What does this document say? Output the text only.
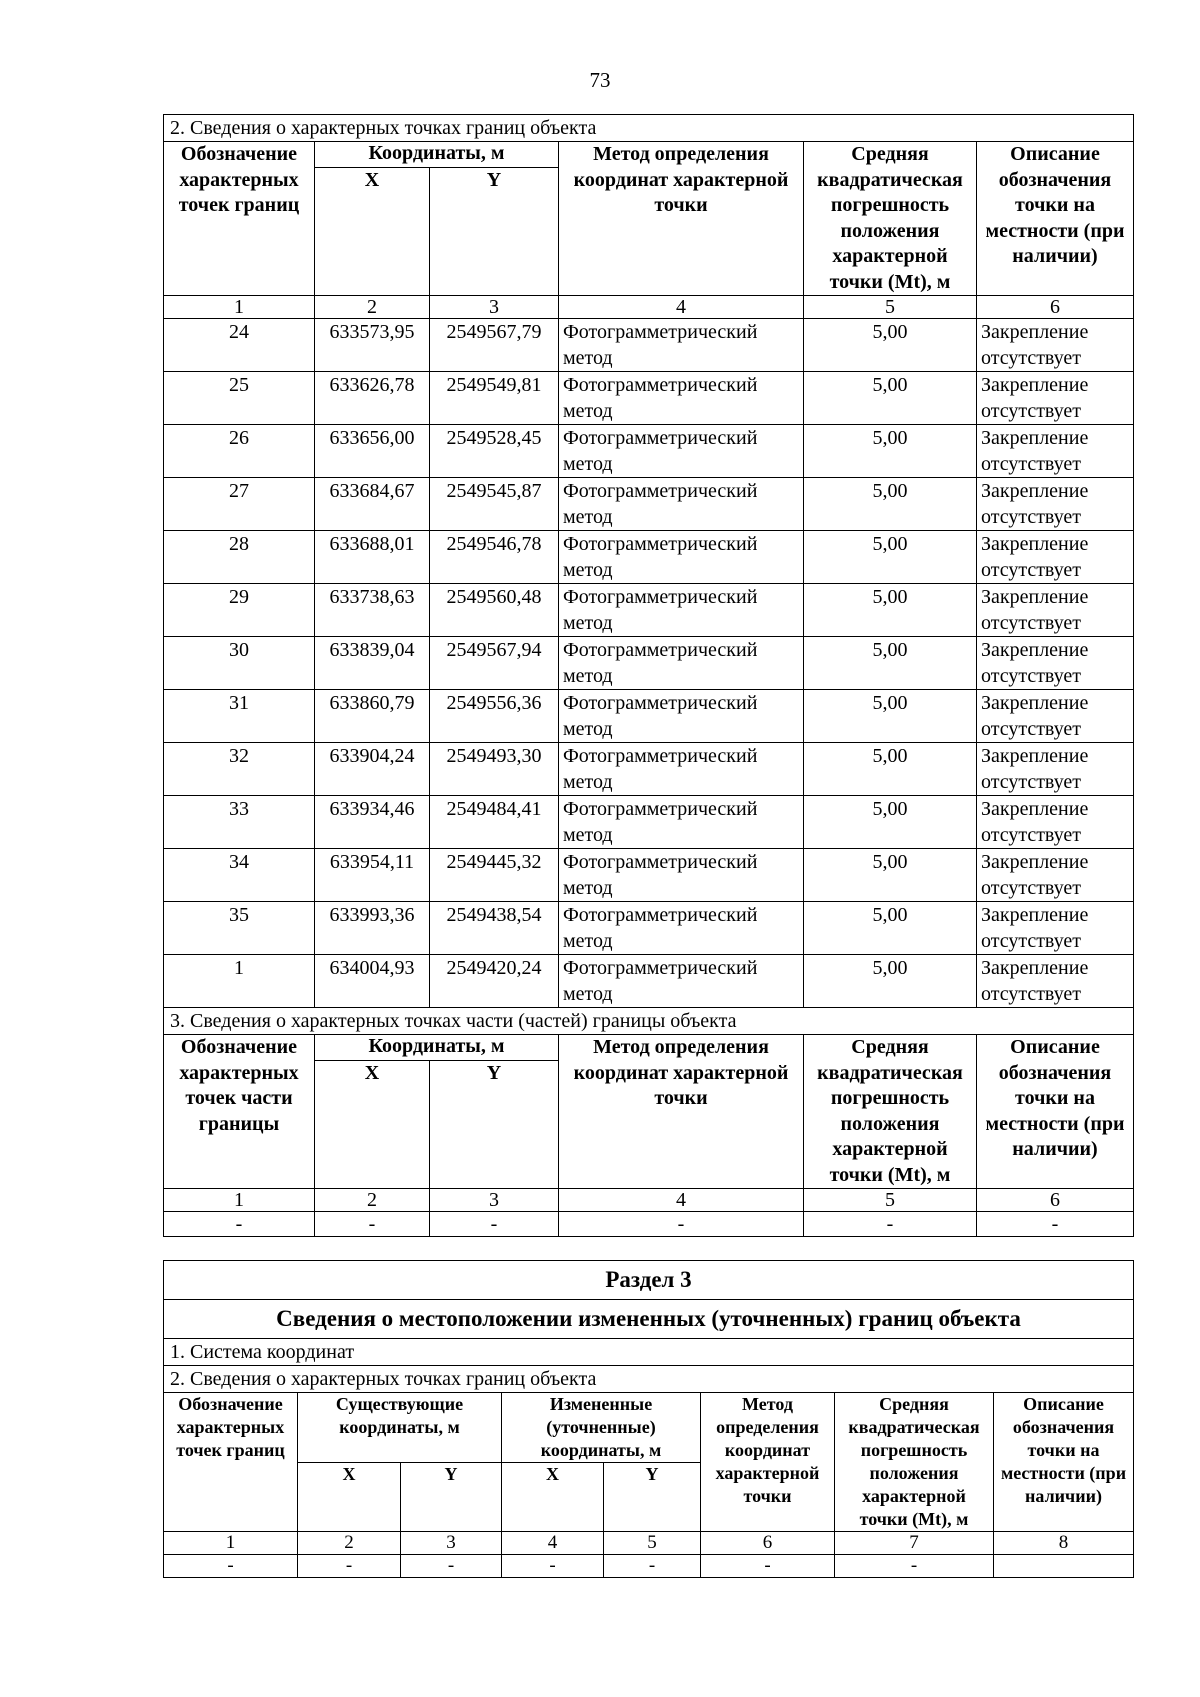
73
2. Сведения о характерных точках границ объекта					
Обозначение характерных точек границ	Координаты, м		Метод определения координат характерной точки	Средняя квадратическая погрешность положения характерной точки (Mt), м	Описание обозначения точки на местности (при наличии)
	X	Y			
1	2	3	4	5	6
24	633573,95	2549567,79	Фотограмметрический метод	5,00	Закрепление отсутствует
25	633626,78	2549549,81	Фотограмметрический метод	5,00	Закрепление отсутствует
26	633656,00	2549528,45	Фотограмметрический метод	5,00	Закрепление отсутствует
27	633684,67	2549545,87	Фотограмметрический метод	5,00	Закрепление отсутствует
28	633688,01	2549546,78	Фотограмметрический метод	5,00	Закрепление отсутствует
29	633738,63	2549560,48	Фотограмметрический метод	5,00	Закрепление отсутствует
30	633839,04	2549567,94	Фотограмметрический метод	5,00	Закрепление отсутствует
31	633860,79	2549556,36	Фотограмметрический метод	5,00	Закрепление отсутствует
32	633904,24	2549493,30	Фотограмметрический метод	5,00	Закрепление отсутствует
33	633934,46	2549484,41	Фотограмметрический метод	5,00	Закрепление отсутствует
34	633954,11	2549445,32	Фотограмметрический метод	5,00	Закрепление отсутствует
35	633993,36	2549438,54	Фотограмметрический метод	5,00	Закрепление отсутствует
1	634004,93	2549420,24	Фотограмметрический метод	5,00	Закрепление отсутствует
3. Сведения о характерных точках части (частей) границы объекта					
Обозначение характерных точек части границы	Координаты, м		Метод определения координат характерной точки	Средняя квадратическая погрешность положения характерной точки (Mt), м	Описание обозначения точки на местности (при наличии)
	X	Y			
1	2	3	4	5	6
-	-	-	-	-	-
Раздел 3							
Сведения о местоположении измененных (уточненных) границ объекта							
1. Система координат							
2. Сведения о характерных точках границ объекта							
Обозначение характерных точек границ	Существующие координаты, м		Измененные (уточненные) координаты, м		Метод определения координат характерной точки	Средняя квадратическая погрешность положения характерной точки (Mt), м	Описание обозначения точки на местности (при наличии)
	X	Y	X	Y			
1	2	3	4	5	6	7	8
-	-	-	-	-	-	-	
